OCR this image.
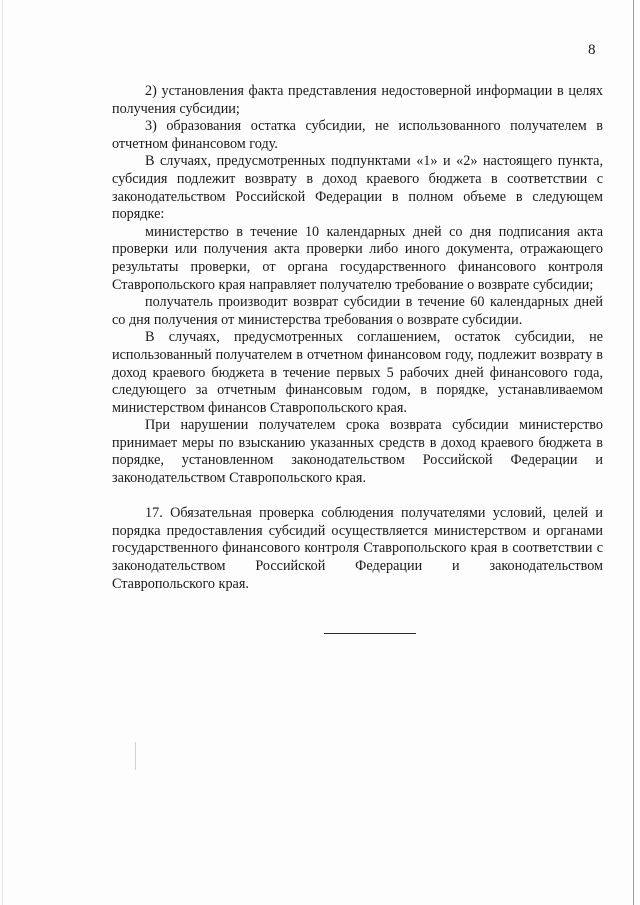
8

2) установления факта представления недостоверной информации в целях получения субсидии;

3) образования остатка субсидии, не использованного получателем в отчетном финансовом году.

В случаях, предусмотренных подпунктами «1» и «2» настоящего пункта, субсидия подлежит возврату в доход краевого бюджета в соответствии с законодательством Российской Федерации в полном объеме в следующем порядке:

министерство в течение 10 календарных дней со дня подписания акта проверки или получения акта проверки либо иного документа, отражающего результаты проверки, от органа государственного финансового контроля Ставропольского края направляет получателю требование о возврате субсидии;

получатель производит возврат субсидии в течение 60 календарных дней со дня получения от министерства требования о возврате субсидии.

В случаях, предусмотренных соглашением, остаток субсидии, не использованный получателем в отчетном финансовом году, подлежит возврату в доход краевого бюджета в течение первых 5 рабочих дней финансового года, следующего за отчетным финансовым годом, в порядке, устанавливаемом министерством финансов Ставропольского края.

При нарушении получателем срока возврата субсидии министерство принимает меры по взысканию указанных средств в доход краевого бюджета в порядке, установленном законодательством Российской Федерации и законодательством Ставропольского края.

17. Обязательная проверка соблюдения получателями условий, целей и порядка предоставления субсидий осуществляется министерством и органами государственного финансового контроля Ставропольского края в соответствии с законодательством Российской Федерации и законодательством Ставропольского края.
